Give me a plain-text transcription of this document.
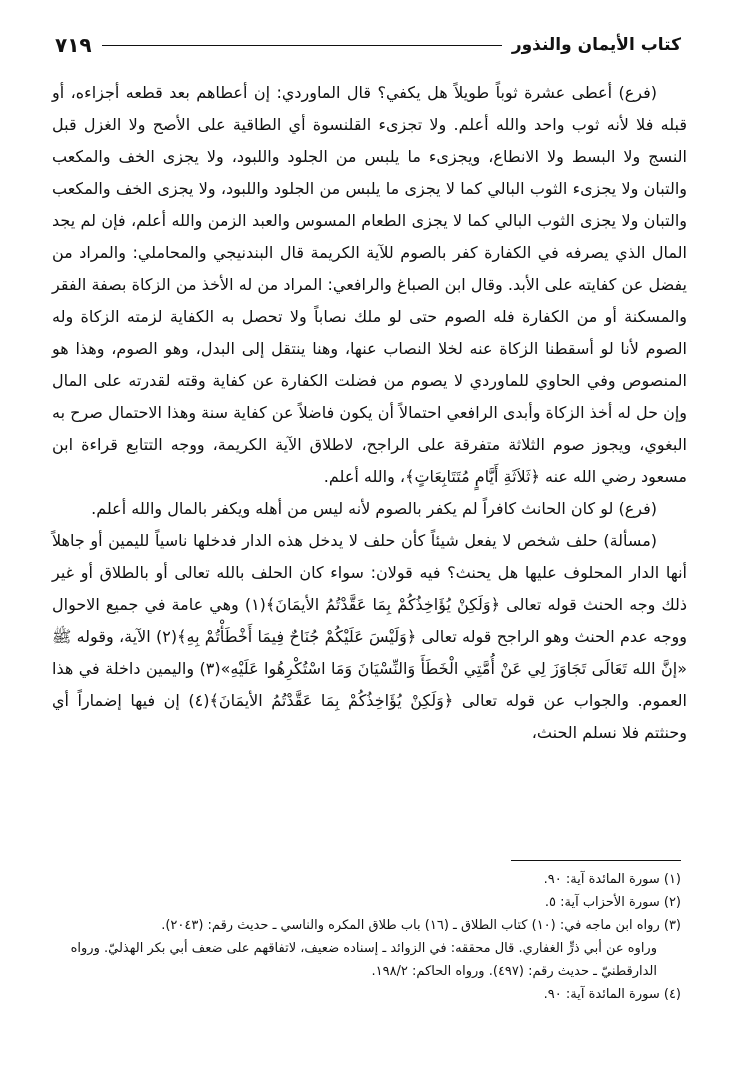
كتاب الأيمان والنذور
٧١٩

(فرع) أعطى عشرة ثوباً طويلاً هل يكفي؟ قال الماوردي: إن أعطاهم بعد قطعه أجزاءه، أو قبله فلا لأنه ثوب واحد والله أعلم. ولا تجزىء القلنسوة أي الطاقية على الأصح ولا الغزل قبل النسج ولا البسط ولا الانطاع، ويجزىء ما يلبس من الجلود واللبود، ولا يجزى الخف والمكعب والتبان ولا يجزىء الثوب البالي كما لا يجزى ما يلبس من الجلود واللبود، ولا يجزى الخف والمكعب والتبان ولا يجزى الثوب البالي كما لا يجزى الطعام المسوس والعبد الزمن والله أعلم، فإن لم يجد المال الذي يصرفه في الكفارة كفر بالصوم للآية الكريمة قال البندنيجي والمحاملي: والمراد من يفضل عن كفايته على الأبد. وقال ابن الصباغ والرافعي: المراد من له الأخذ من الزكاة بصفة الفقر والمسكنة أو من الكفارة فله الصوم حتى لو ملك نصاباً ولا تحصل به الكفاية لزمته الزكاة وله الصوم لأنا لو أسقطنا الزكاة عنه لخلا النصاب عنها، وهنا ينتقل إلى البدل، وهو الصوم، وهذا هو المنصوص وفي الحاوي للماوردي لا يصوم من فضلت الكفارة عن كفاية وقته لقدرته على المال وإن حل له أخذ الزكاة وأبدى الرافعي احتمالاً أن يكون فاضلاً عن كفاية سنة وهذا الاحتمال صرح به البغوي، ويجوز صوم الثلاثة متفرقة على الراجح، لاطلاق الآية الكريمة، ووجه التتابع قراءة ابن مسعود رضي الله عنه ﴿ثَلاَثَةِ أَيَّامٍ مُتَتَابِعَاتٍ﴾، والله أعلم.

(فرع) لو كان الحانث كافراً لم يكفر بالصوم لأنه ليس من أهله ويكفر بالمال والله أعلم.

(مسألة) حلف شخص لا يفعل شيئاً كأن حلف لا يدخل هذه الدار فدخلها ناسياً لليمين أو جاهلاً أنها الدار المحلوف عليها هل يحنث؟ فيه قولان: سواء كان الحلف بالله تعالى أو بالطلاق أو غير ذلك وجه الحنث قوله تعالى ﴿وَلَكِنْ يُؤَاخِذُكُمْ بِمَا عَقَّدْتُمُ الأيمَانَ﴾(١) وهي عامة في جميع الاحوال ووجه عدم الحنث وهو الراجح قوله تعالى ﴿وَلَيْسَ عَلَيْكُمْ جُنَاحٌ فِيمَا أَخْطَأْتُمْ بِهِ﴾(٢) الآية، وقوله ﷺ «إنَّ الله تَعَالَى تَجَاوَزَ لِي عَنْ أُمَّتِي الْخَطَأَ وَالنِّسْيَانَ وَمَا اسْتُكْرِهُوا عَلَيْهِ»(٣) واليمين داخلة في هذا العموم. والجواب عن قوله تعالى ﴿وَلَكِنْ يُؤَاخِذُكُمْ بِمَا عَقَّدْتُمُ الأيمَانَ﴾(٤) إن فيها إضماراً أي وحنثتم فلا نسلم الحنث،

(١) سورة المائدة آية: ٩٠.
(٢) سورة الأحزاب آية: ٥.
(٣) رواه ابن ماجه في: (١٠) كتاب الطلاق ـ (١٦) باب طلاق المكره والناسي ـ حديث رقم: (٢٠٤٣).
وراوه عن أبي ذرٍّ الغفاري. قال محققه: في الزوائد ـ إسناده ضعيف، لاتفاقهم على ضعف أبي بكر الهذليّ. ورواه الدارقطنيّ ـ حديث رقم: (٤٩٧). ورواه الحاكم: ١٩٨/٢.
(٤) سورة المائدة آية: ٩٠.
